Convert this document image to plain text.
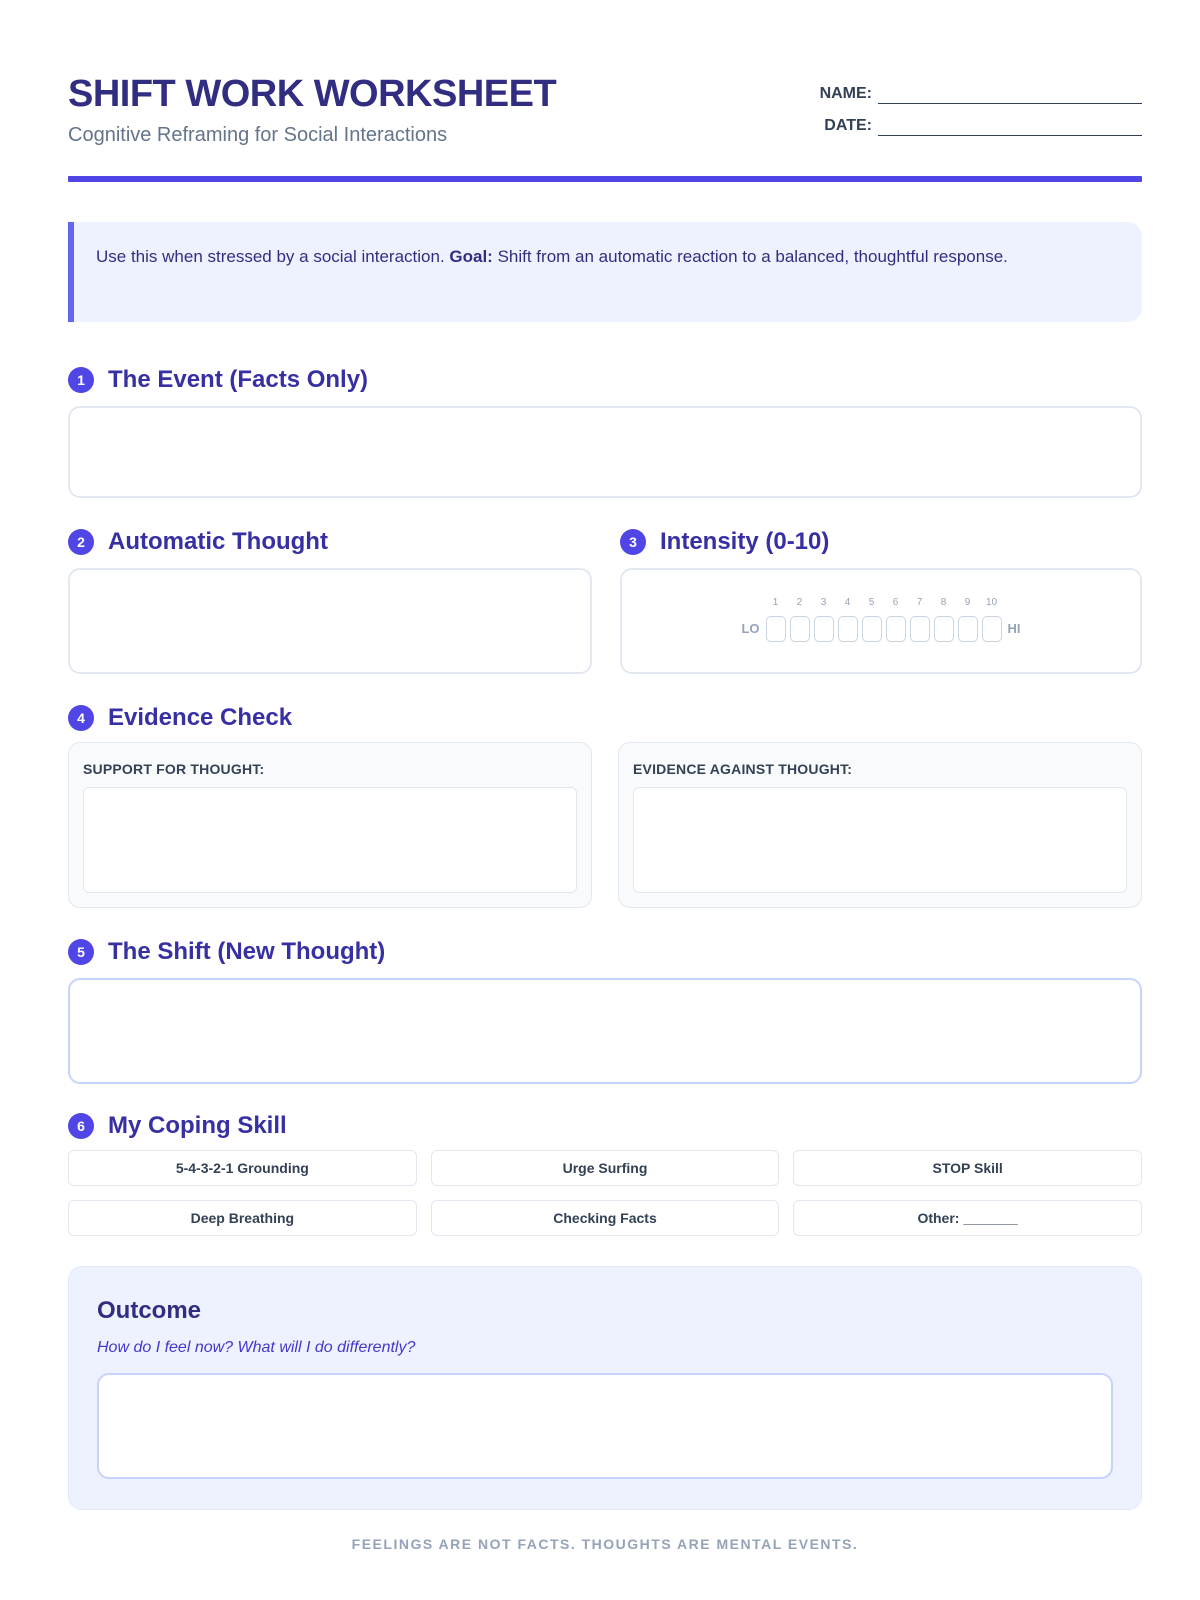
SHIFT WORK WORKSHEET
Cognitive Reframing for Social Interactions
NAME:
DATE:
Use this when stressed by a social interaction. Goal: Shift from an automatic reaction to a balanced, thoughtful response.
1 The Event (Facts Only)
2 Automatic Thought	3 Intensity (0-10)
LO
1 2 3 4 5 6 7 8 9 10
HI
4 Evidence Check
SUPPORT FOR THOUGHT:	EVIDENCE AGAINST THOUGHT:
5 The Shift (New Thought)
6 My Coping Skill
5-4-3-2-1 Grounding	Urge Surfing	STOP Skill
Deep Breathing	Checking Facts	Other: _______
Outcome
How do I feel now? What will I do differently?
FEELINGS ARE NOT FACTS. THOUGHTS ARE MENTAL EVENTS.
